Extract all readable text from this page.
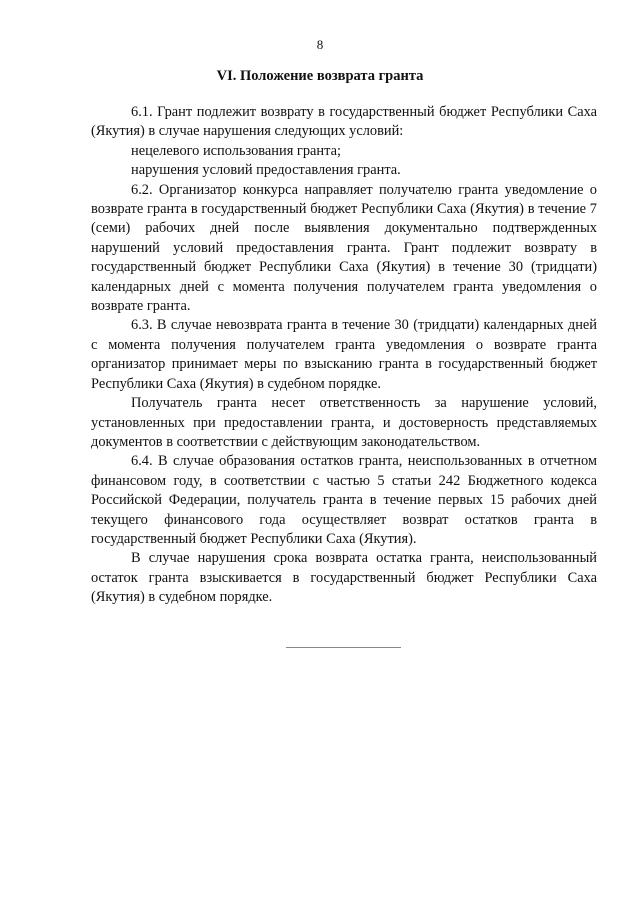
8
VI. Положение возврата гранта

6.1. Грант подлежит возврату в государственный бюджет Республики Саха (Якутия) в случае нарушения следующих условий:

нецелевого использования гранта;

нарушения условий предоставления гранта.

6.2. Организатор конкурса направляет получателю гранта уведомление о возврате гранта в государственный бюджет Республики Саха (Якутия) в течение 7 (семи) рабочих дней после выявления документально подтвержденных нарушений условий предоставления гранта. Грант подлежит возврату в государственный бюджет Республики Саха (Якутия) в течение 30 (тридцати) календарных дней с момента получения получателем гранта уведомления о возврате гранта.

6.3. В случае невозврата гранта в течение 30 (тридцати) календарных дней с момента получения получателем гранта уведомления о возврате гранта организатор принимает меры по взысканию гранта в государственный бюджет Республики Саха (Якутия) в судебном порядке.

Получатель гранта несет ответственность за нарушение условий, установленных при предоставлении гранта, и достоверность представляемых документов в соответствии с действующим законодательством.

6.4. В случае образования остатков гранта, неиспользованных в отчетном финансовом году, в соответствии с частью 5 статьи 242 Бюджетного кодекса Российской Федерации, получатель гранта в течение первых 15 рабочих дней текущего финансового года осуществляет возврат остатков гранта в государственный бюджет Республики Саха (Якутия).

В случае нарушения срока возврата остатка гранта, неиспользованный остаток гранта взыскивается в государственный бюджет Республики Саха (Якутия) в судебном порядке.
